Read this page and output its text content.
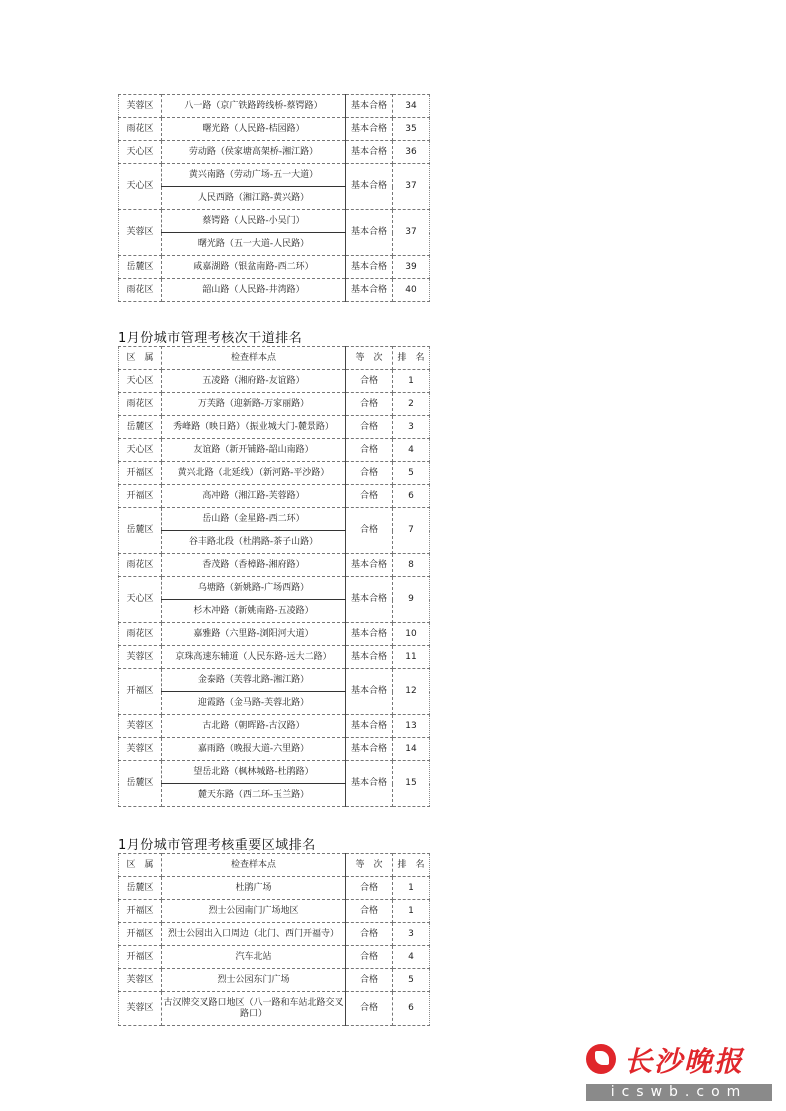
芙蓉区	八一路（京广铁路跨线桥-蔡锷路）	基本合格	34
雨花区	曙光路（人民路-桔园路）	基本合格	35
天心区	劳动路（侯家塘高架桥-湘江路）	基本合格	36
天心区	黄兴南路（劳动广场-五一大道）	基本合格	37
	人民西路（湘江路-黄兴路）		
芙蓉区	蔡锷路（人民路-小吴门）	基本合格	37
	曙光路（五一大道-人民路）		
岳麓区	咸嘉湖路（银盆南路-西二环）	基本合格	39
雨花区	韶山路（人民路-井湾路）	基本合格	40
1月份城市管理考核次干道排名
区　属	检查样本点	等　次	排　名
天心区	五凌路（湘府路-友谊路）	合格	1
雨花区	万芙路（迎新路-万家丽路）	合格	2
岳麓区	秀峰路（映日路）（振业城大门-麓景路）	合格	3
天心区	友谊路（新开铺路-韶山南路）	合格	4
开福区	黄兴北路（北延线）（新河路-平沙路）	合格	5
开福区	高冲路（湘江路-芙蓉路）	合格	6
岳麓区	岳山路（金星路-西二环）	合格	7
	谷丰路北段（杜鹃路-茶子山路）		
雨花区	香茂路（香樟路-湘府路）	基本合格	8
天心区	乌塘路（新姚路-广场西路）	基本合格	9
	杉木冲路（新姚南路-五凌路）		
雨花区	嘉雅路（六里路-浏阳河大道）	基本合格	10
芙蓉区	京珠高速东辅道（人民东路-远大二路）	基本合格	11
开福区	金泰路（芙蓉北路-湘江路）	基本合格	12
	迎霞路（金马路-芙蓉北路）		
芙蓉区	古北路（朝晖路-古汉路）	基本合格	13
芙蓉区	嘉雨路（晚报大道-六里路）	基本合格	14
岳麓区	望岳北路（枫林城路-杜鹃路）	基本合格	15
	麓天东路（西二环-玉兰路）		
1月份城市管理考核重要区域排名
区　属	检查样本点	等　次	排　名
岳麓区	杜鹃广场	合格	1
开福区	烈士公园南门广场地区	合格	1
开福区	烈士公园出入口周边（北门、西门开福寺）	合格	3
开福区	汽车北站	合格	4
芙蓉区	烈士公园东门广场	合格	5
芙蓉区	古汉牌交叉路口地区（八一路和车站北路交叉路口）	合格	6
长沙晚报
icswb.com
